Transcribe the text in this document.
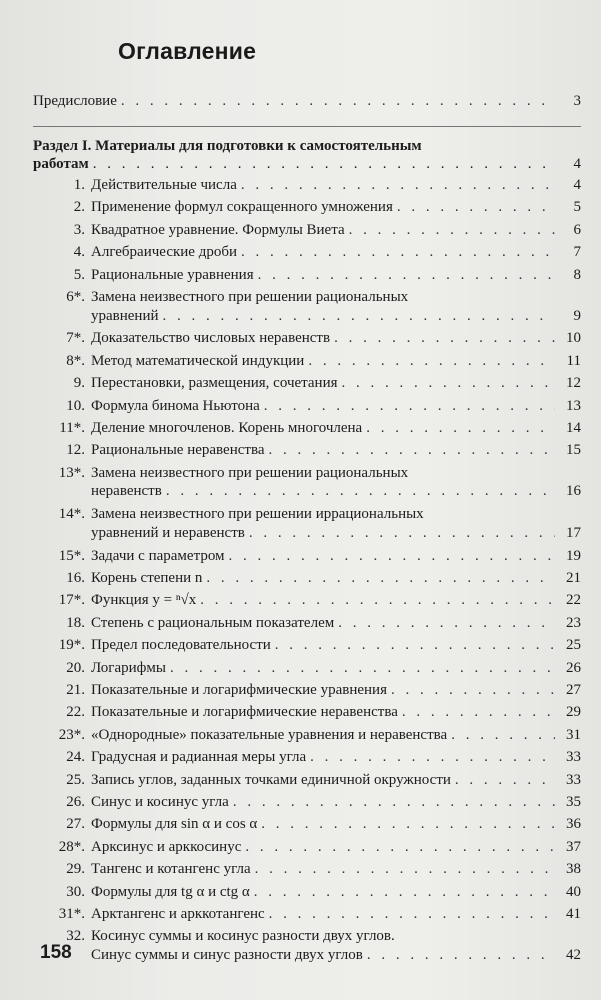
Оглавление
Предисловие . . .	3
Раздел I. Материалы для подготовки к самостоятельным
работам . . .	4
1. Действительные числа . . .	4
2. Применение формул сокращенного умножения . . .	5
3. Квадратное уравнение. Формулы Виета . . .	6
4. Алгебраические дроби . . .	7
5. Рациональные уравнения . . .	8
6*. Замена неизвестного при решении рациональных
уравнений . . .	9
7*. Доказательство числовых неравенств . . .	10
8*. Метод математической индукции . . .	11
9. Перестановки, размещения, сочетания . . .	12
10. Формула бинома Ньютона . . .	13
11*. Деление многочленов. Корень многочлена . . .	14
12. Рациональные неравенства . . .	15
13*. Замена неизвестного при решении рациональных
неравенств . . .	16
14*. Замена неизвестного при решении иррациональных
уравнений и неравенств . . .	17
15*. Задачи с параметром . . .	19
16. Корень степени n . . .	21
17*. Функция y = ⁿ√x . . .	22
18. Степень с рациональным показателем . . .	23
19*. Предел последовательности . . .	25
20. Логарифмы . . .	26
21. Показательные и логарифмические уравнения . . .	27
22. Показательные и логарифмические неравенства . . .	29
23*. «Однородные» показательные уравнения и неравенства . . .	31
24. Градусная и радианная меры угла . . .	33
25. Запись углов, заданных точками единичной окружности . . .	33
26. Синус и косинус угла . . .	35
27. Формулы для sin α и cos α . . .	36
28*. Арксинус и арккосинус . . .	37
29. Тангенс и котангенс угла . . .	38
30. Формулы для tg α и ctg α . . .	40
31*. Арктангенс и арккотангенс . . .	41
32. Косинус суммы и косинус разности двух углов.
Синус суммы и синус разности двух углов . . .	42
158
